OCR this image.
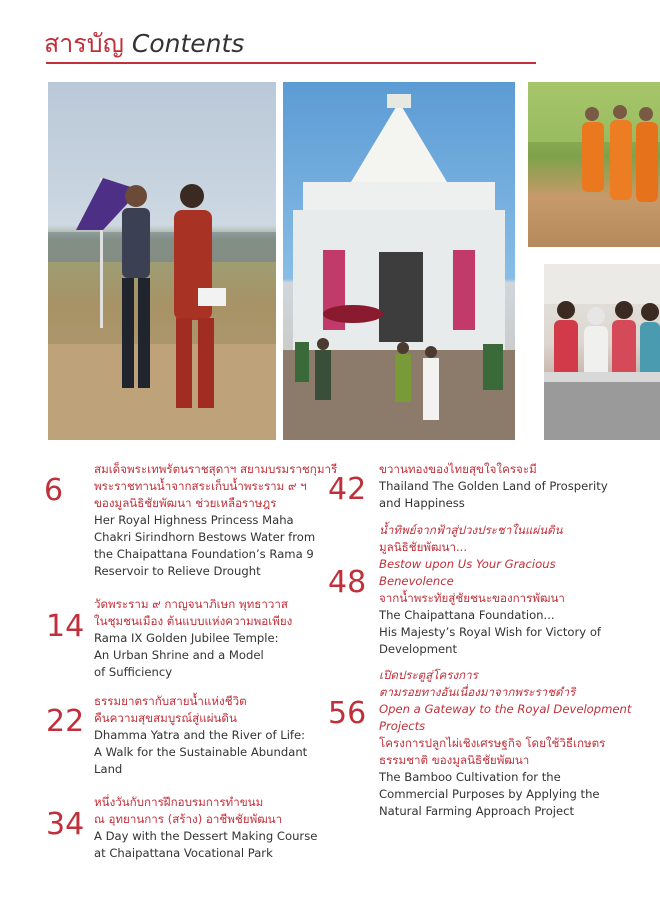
สารบัญ Contents
6
สมเด็จพระเทพรัตนราชสุดาฯ สยามบรมราชกุมารี
พระราชทานน้ำจากสระเก็บน้ำพระราม ๙ ฯ
ของมูลนิธิชัยพัฒนา ช่วยเหลือราษฎร
Her Royal Highness Princess Maha
Chakri Sirindhorn Bestows Water from
the Chaipattana Foundation’s Rama 9
Reservoir to Relieve Drought
14
วัดพระราม ๙ กาญจนาภิเษก พุทธาวาส
ในชุมชนเมือง ต้นแบบแห่งความพอเพียง
Rama IX Golden Jubilee Temple:
An Urban Shrine and a Model
of Sufficiency
22
ธรรมยาตรากับสายน้ำแห่งชีวิต
คืนความสุขสมบูรณ์สู่แผ่นดิน
Dhamma Yatra and the River of Life:
A Walk for the Sustainable Abundant
Land
34
หนึ่งวันกับการฝึกอบรมการทำขนม
ณ อุทยานการ (สร้าง) อาชีพชัยพัฒนา
A Day with the Dessert Making Course
at Chaipattana Vocational Park
42
ขวานทองของไทยสุขใจใครจะมี
Thailand The Golden Land of Prosperity
and Happiness
48
น้ำทิพย์จากฟ้าสู่ปวงประชาในแผ่นดิน
มูลนิธิชัยพัฒนา...
Bestow upon Us Your Gracious
Benevolence
จากน้ำพระทัยสู่ชัยชนะของการพัฒนา
The Chaipattana Foundation...
His Majesty’s Royal Wish for Victory of
Development
56
เปิดประตูสู่โครงการ
ตามรอยทางอันเนื่องมาจากพระราชดำริ
Open a Gateway to the Royal Development
Projects
โครงการปลูกไผ่เชิงเศรษฐกิจ โดยใช้วิธีเกษตร
ธรรมชาติ ของมูลนิธิชัยพัฒนา
The Bamboo Cultivation for the
Commercial Purposes by Applying the
Natural Farming Approach Project
